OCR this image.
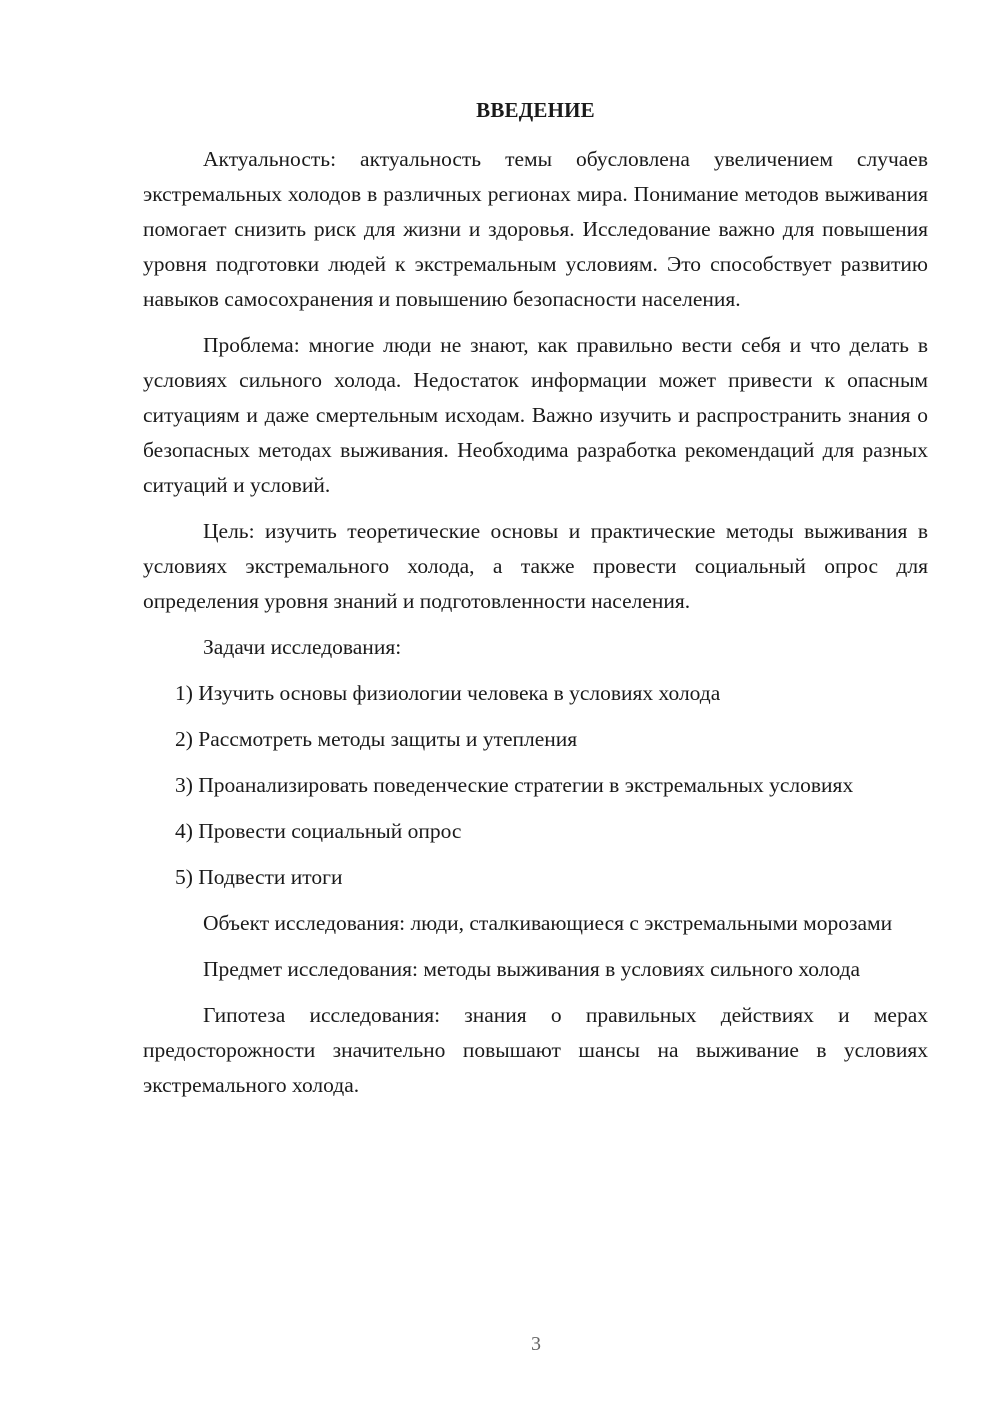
ВВЕДЕНИЕ

Актуальность: актуальность темы обусловлена увеличением случаев экстремальных холодов в различных регионах мира. Понимание методов выживания помогает снизить риск для жизни и здоровья. Исследование важно для повышения уровня подготовки людей к экстремальным условиям. Это способствует развитию навыков самосохранения и повышению безопасности населения.

Проблема: многие люди не знают, как правильно вести себя и что делать в условиях сильного холода. Недостаток информации может привести к опасным ситуациям и даже смертельным исходам. Важно изучить и распространить знания о безопасных методах выживания. Необходима разработка рекомендаций для разных ситуаций и условий.

Цель: изучить теоретические основы и практические методы выживания в условиях экстремального холода, а также провести социальный опрос для определения уровня знаний и подготовленности населения.

Задачи исследования:

1) Изучить основы физиологии человека в условиях холода

2) Рассмотреть методы защиты и утепления

3) Проанализировать поведенческие стратегии в экстремальных условиях

4) Провести социальный опрос

5) Подвести итоги

Объект исследования: люди, сталкивающиеся с экстремальными морозами

Предмет исследования: методы выживания в условиях сильного холода

Гипотеза исследования: знания о правильных действиях и мерах предосторожности значительно повышают шансы на выживание в условиях экстремального холода.

3
